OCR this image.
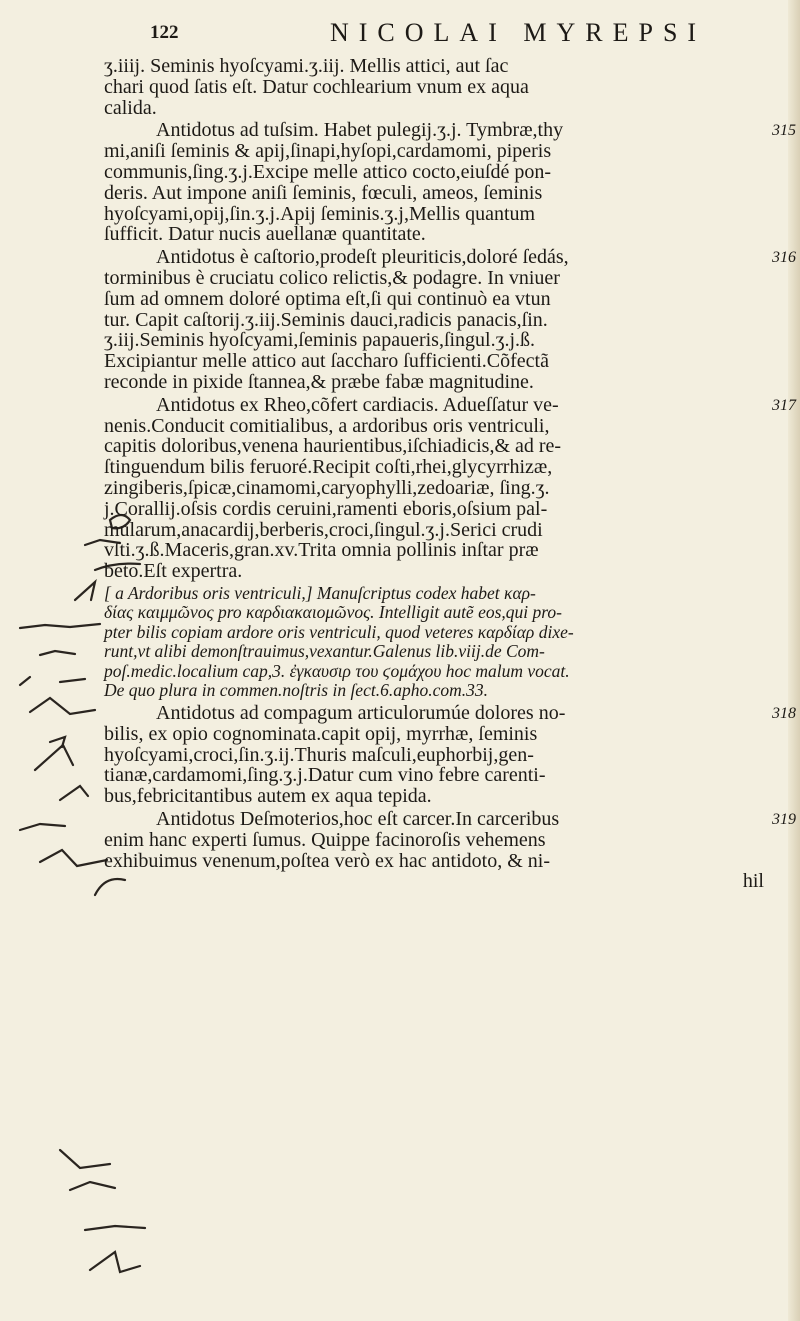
122	NICOLAI MYREPSI

ʒ.iiij. Seminis hyoſcyami.ʒ.iij. Mellis attici, aut ſac

chari quod ſatis eſt. Datur cochlearium vnum ex aqua

calida.

315

Antidotus ad tuſsim. Habet pulegij.ʒ.j. Tymbræ,thy

mi,aniſi ſeminis & apij,ſinapi,hyſopi,cardamomi, piperis

communis,ſing.ʒ.j.Excipe melle attico cocto,eiuſdé pon-

deris. Aut impone aniſi ſeminis, fœculi, ameos, ſeminis

hyoſcyami,opij,ſin.ʒ.j.Apij ſeminis.ʒ.j,Mellis quantum

ſufficit. Datur nucis auellanæ quantitate.

316

Antidotus è caſtorio,prodeſt pleuriticis,doloré ſedás,

torminibus è cruciatu colico relictis,& podagre. In vniuer

ſum ad omnem doloré optima eſt,ſi qui continuò ea vtun

tur. Capit caſtorij.ʒ.iij.Seminis dauci,radicis panacis,ſin.

ʒ.iij.Seminis hyoſcyami,ſeminis papaueris,ſingul.ʒ.j.ß.

Excipiantur melle attico aut ſaccharo ſufficienti.Cõfectã

reconde in pixide ſtannea,& præbe fabæ magnitudine.

317

Antidotus ex Rheo,cõfert cardiacis. Adueſſatur ve-

nenis.Conducit comitialibus, a ardoribus oris ventriculi,

capitis doloribus,venena haurientibus,iſchiadicis,& ad re-

ſtinguendum bilis feruoré.Recipit coſti,rhei,glycyrrhizæ,

zingiberis,ſpicæ,cinamomi,caryophylli,zedoariæ, ſing.ʒ.

j.Corallij.oſsis cordis ceruini,ramenti eboris,oſsium pal-

mularum,anacardij,berberis,croci,ſingul.ʒ.j.Serici crudi

vſti.ʒ.ß.Maceris,gran.xv.Trita omnia pollinis inſtar præ

beto.Eſt expertra.

[ a Ardoribus oris ventriculi,] Manuſcriptus codex habet καρ-

δίας καιμμῶνος pro καρδιακαιομῶνος. Intelligit autẽ eos,qui pro-

pter bilis copiam ardore oris ventriculi, quod veteres καρδίαρ dixe-

runt,vt alibi demonſtrauimus,vexantur.Galenus lib.viij.de Com-

poſ.medic.localium cap,3. ἐγκαυσιρ του ϛομάχου hoc malum vocat.

De quo plura in commen.noſtris in ſect.6.apho.com.33.

318

Antidotus ad compagum articulorumúe dolores no-

bilis, ex opio cognominata.capit opij, myrrhæ, ſeminis

hyoſcyami,croci,ſin.ʒ.ij.Thuris maſculi,euphorbij,gen-

tianæ,cardamomi,ſing.ʒ.j.Datur cum vino febre carenti-

bus,febricitantibus autem ex aqua tepida.

319

Antidotus Deſmoterios,hoc eſt carcer.In carceribus

enim hanc experti ſumus. Quippe facinoroſis vehemens

exhibuimus venenum,poſtea verò ex hac antidoto, & ni-

hil
